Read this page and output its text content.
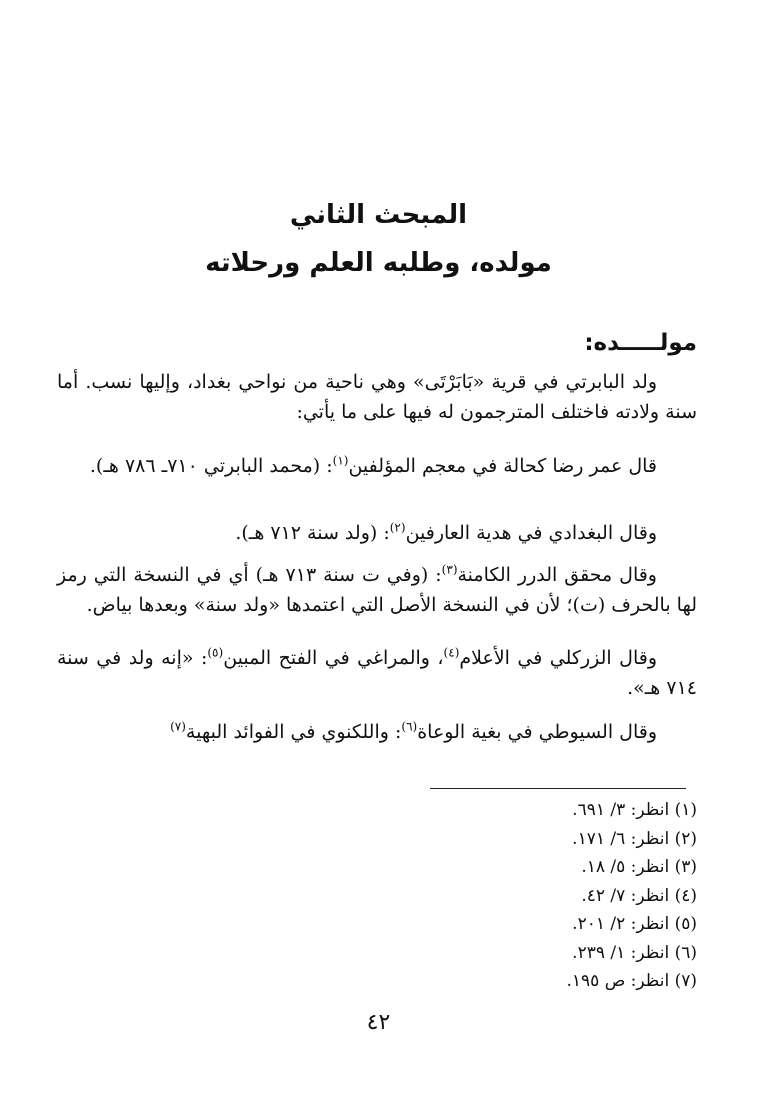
المبحث الثاني
مولده، وطلبه العلم ورحلاته
مولـــــده:

ولد البابرتي في قرية «بَابَرْتَى» وهي ناحية من نواحي بغداد، وإليها نسب. أما سنة ولادته فاختلف المترجمون له فيها على ما يأتي:

قال عمر رضا كحالة في معجم المؤلفين$^{(١)}$: (محمد البابرتي ٧١٠ـ ٧٨٦ هـ).

وقال البغدادي في هدية العارفين$^{(٢)}$: (ولد سنة ٧١٢ هـ).

وقال محقق الدرر الكامنة$^{(٣)}$: (وفي ت سنة ٧١٣ هـ) أي في النسخة التي رمز لها بالحرف (ت)؛ لأن في النسخة الأصل التي اعتمدها «ولد سنة» وبعدها بياض.

وقال الزركلي في الأعلام$^{(٤)}$، والمراغي في الفتح المبين$^{(٥)}$: «إنه ولد في سنة ٧١٤ هـ».

وقال السيوطي في بغية الوعاة$^{(٦)}$: واللكنوي في الفوائد البهية$^{(٧)}$

(١) انظر: ٣/ ٦٩١.
(٢) انظر: ٦/ ١٧١.
(٣) انظر: ٥/ ١٨.
(٤) انظر: ٧/ ٤٢.
(٥) انظر: ٢/ ٢٠١.
(٦) انظر: ١/ ٢٣٩.
(٧) انظر: ص ١٩٥.
٤٢
